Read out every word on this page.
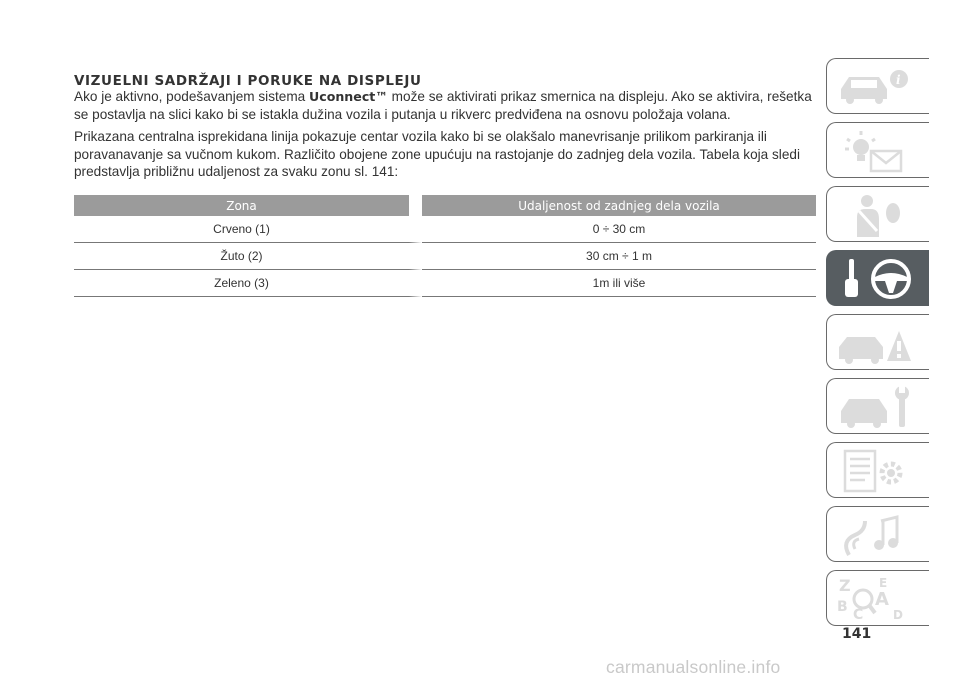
VIZUELNI SADRŽAJI I PORUKE NA DISPLEJU

Ako je aktivno, podešavanjem sistema Uconnect™ može se aktivirati prikaz smernica na displeju. Ako se aktivira, rešetka se postavlja na slici kako bi se istakla dužina vozila i putanja u rikverc predviđena na osnovu položaja volana.

Prikazana centralna isprekidana linija pokazuje centar vozila kako bi se olakšalo manevrisanje prilikom parkiranja ili poravanavanje sa vučnom kukom. Različito obojene zone upućuju na rastojanje do zadnjeg dela vozila. Tabela koja sledi predstavlja približnu udaljenost za svaku zonu sl. 141:

Zona	Udaljenost od zadnjeg dela vozila
Crveno (1)	0 ÷ 30 cm
Žuto (2)	30 cm ÷ 1 m
Zeleno (3)	1m ili više
i
Z E
A
B C D
141
carmanualsonline.info
